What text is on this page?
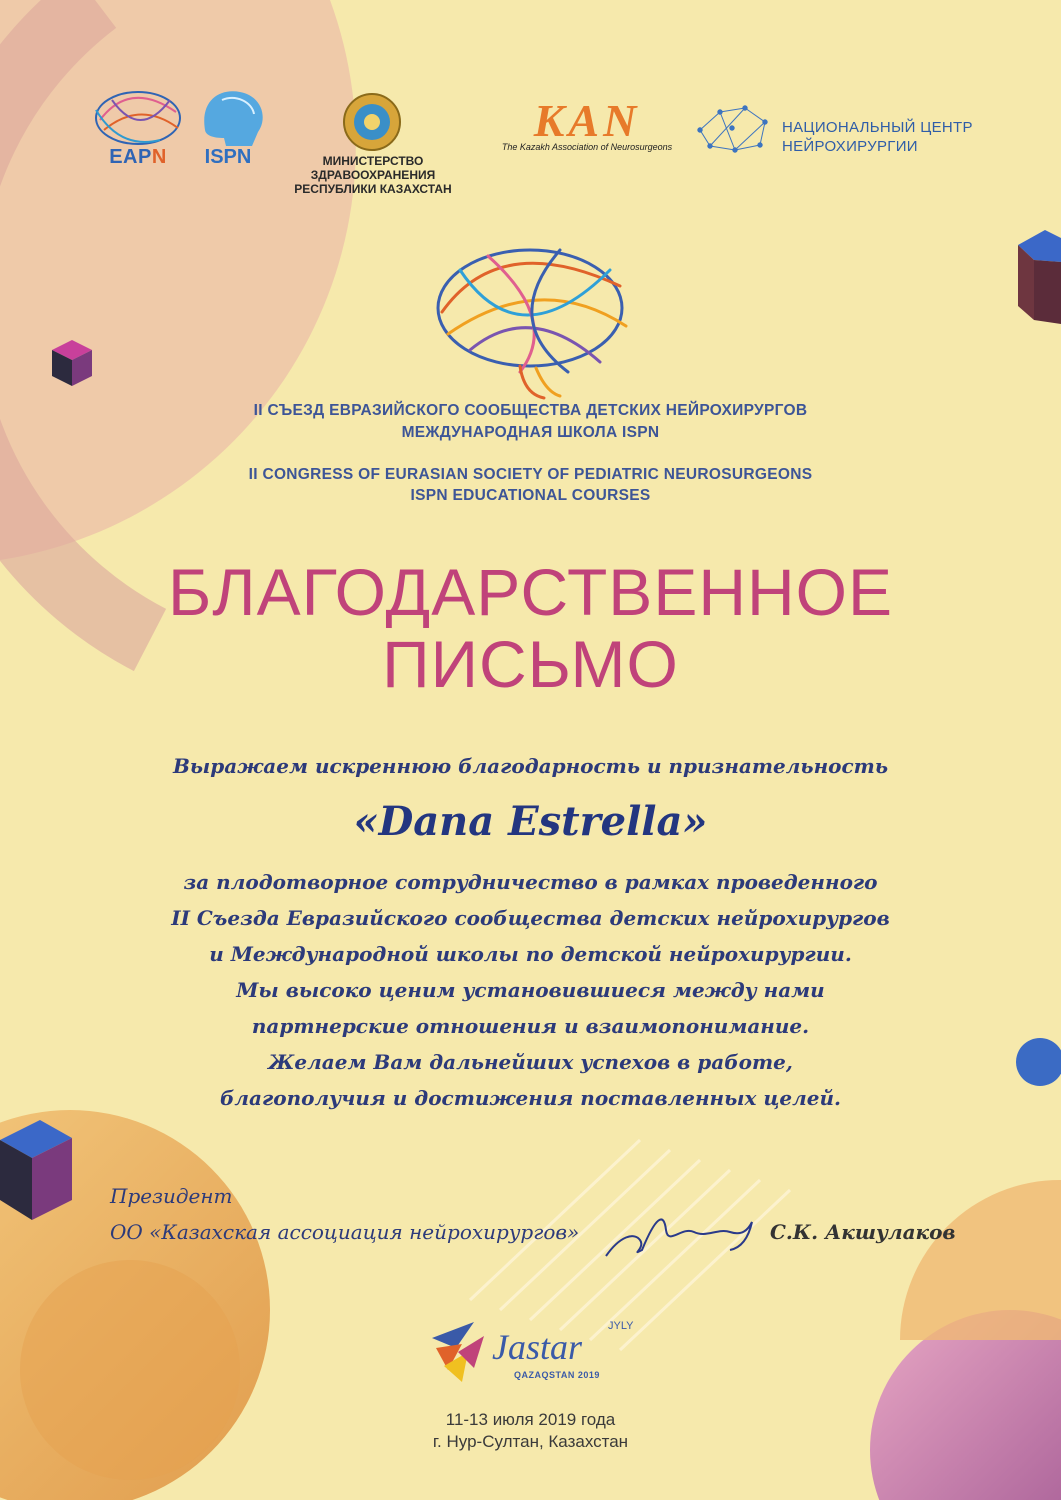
EAPN	ISPN	МИНИСТЕРСТВО ЗДРАВООХРАНЕНИЯ
РЕСПУБЛИКИ КАЗАХСТАН
KAN
The Kazakh Association of Neurosurgeons
НАЦИОНАЛЬНЫЙ ЦЕНТР
НЕЙРОХИРУРГИИ
II СЪЕЗД ЕВРАЗИЙСКОГО СООБЩЕСТВА ДЕТСКИХ НЕЙРОХИРУРГОВ
МЕЖДУНАРОДНАЯ ШКОЛА ISPN
II CONGRESS OF EURASIAN SOCIETY OF PEDIATRIC NEUROSURGEONS
ISPN EDUCATIONAL COURSES
БЛАГОДАРСТВЕННОЕ
ПИСЬМО
Выражаем искреннюю благодарность и признательность
«Dana Estrella»
за плодотворное сотрудничество в рамках проведенного
II Съезда Евразийского сообщества детских нейрохирургов
и Международной школы по детской нейрохирургии.
Мы высоко ценим установившиеся между нами
партнерские отношения и взаимопонимание.
Желаем Вам дальнейших успехов в работе,
благополучия и достижения поставленных целей.
Президент
ОО «Казахская ассоциация нейрохирургов»	С.К. Акшулаков
Jastar
JYLY
QAZAQSTAN 2019
11-13 июля 2019 года
г. Нур-Султан, Казахстан
